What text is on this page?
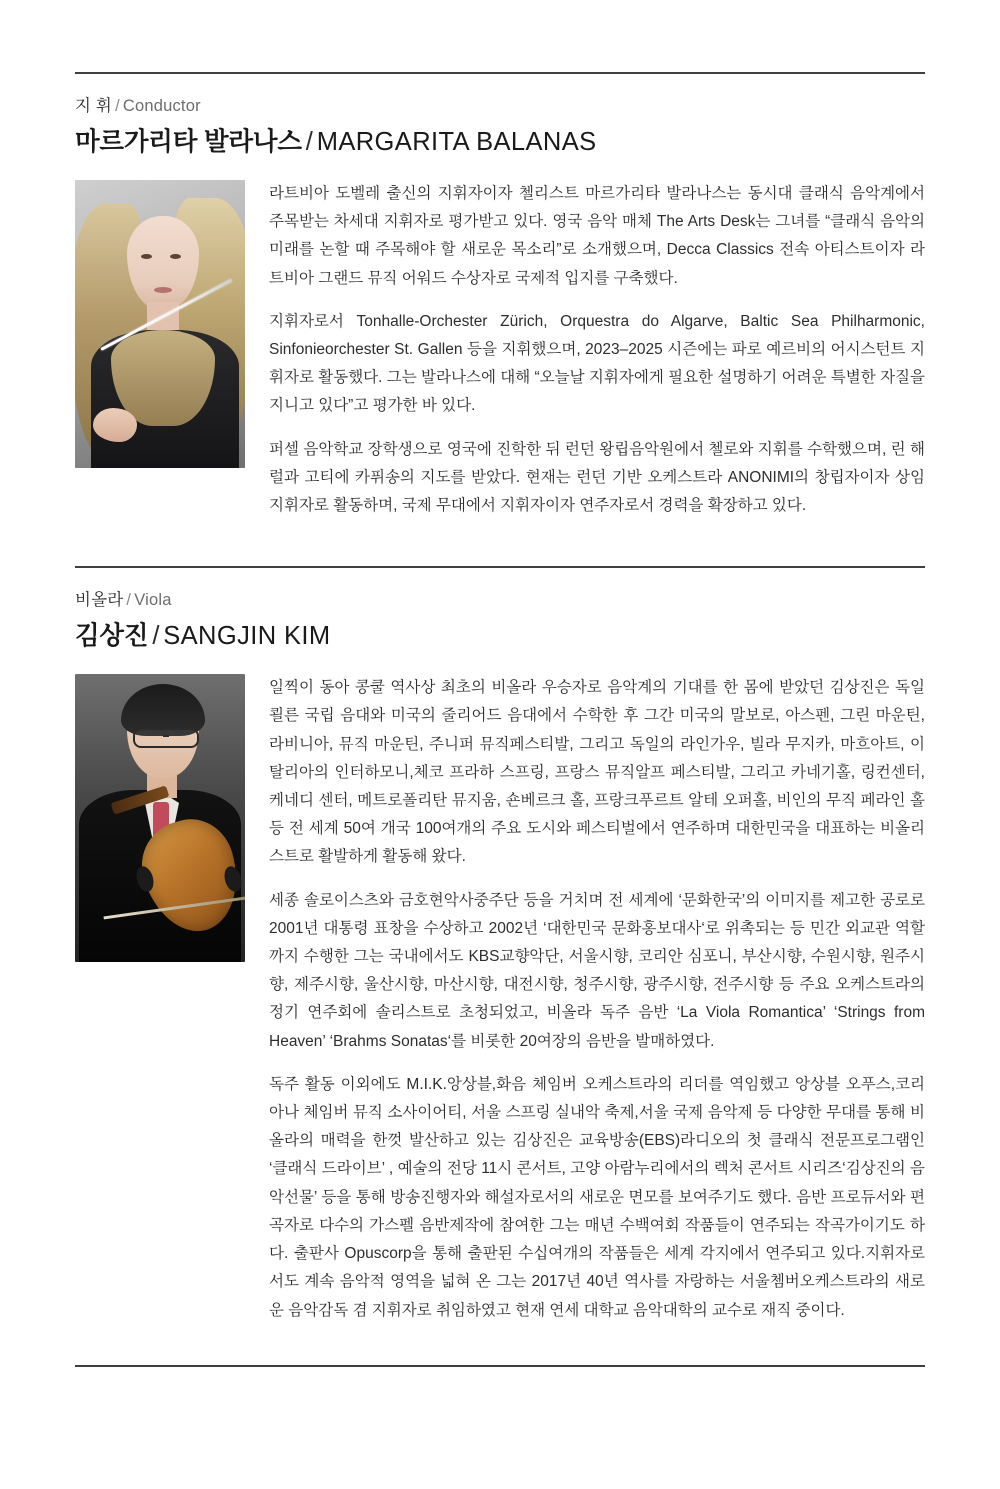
지 휘 / Conductor
마르가리타 발라나스 / MARGARITA BALANAS

라트비아 도벨레 출신의 지휘자이자 첼리스트 마르가리타 발라나스는 동시대 클래식 음악계에서 주목받는 차세대 지휘자로 평가받고 있다. 영국 음악 매체 The Arts Desk는 그녀를 “클래식 음악의 미래를 논할 때 주목해야 할 새로운 목소리”로 소개했으며, Decca Classics 전속 아티스트이자 라트비아 그랜드 뮤직 어워드 수상자로 국제적 입지를 구축했다.

지휘자로서 Tonhalle-Orchester Zürich, Orquestra do Algarve, Baltic Sea Philharmonic, Sinfonieorchester St. Gallen 등을 지휘했으며, 2023–2025 시즌에는 파로 예르비의 어시스턴트 지휘자로 활동했다. 그는 발라나스에 대해 “오늘날 지휘자에게 필요한 설명하기 어려운 특별한 자질을 지니고 있다”고 평가한 바 있다.

퍼셀 음악학교 장학생으로 영국에 진학한 뒤 런던 왕립음악원에서 첼로와 지휘를 수학했으며, 린 해럴과 고티에 카퓌송의 지도를 받았다. 현재는 런던 기반 오케스트라 ANONIMI의 창립자이자 상임지휘자로 활동하며, 국제 무대에서 지휘자이자 연주자로서 경력을 확장하고 있다.

비올라 / Viola
김상진 / SANGJIN KIM

일찍이 동아 콩쿨 역사상 최초의 비올라 우승자로 음악계의 기대를 한 몸에 받았던 김상진은 독일 쾰른 국립 음대와 미국의 줄리어드 음대에서 수학한 후 그간 미국의 말보로, 아스펜, 그린 마운틴, 라비니아, 뮤직 마운틴, 주니퍼 뮤직페스티발, 그리고 독일의 라인가우, 빌라 무지카, 마흐아트, 이탈리아의 인터하모니,체코 프라하 스프링, 프랑스 뮤직알프 페스티발, 그리고 카네기홀, 링컨센터, 케네디 센터, 메트로폴리탄 뮤지움, 숀베르크 홀, 프랑크푸르트 알테 오퍼홀, 비인의 무직 페라인 홀 등 전 세계 50여 개국 100여개의 주요 도시와 페스티벌에서 연주하며 대한민국을 대표하는 비올리스트로 활발하게 활동해 왔다.

세종 솔로이스츠와 금호현악사중주단 등을 거치며 전 세계에 ‘문화한국’의 이미지를 제고한 공로로 2001년 대통령 표창을 수상하고 2002년 ‘대한민국 문화홍보대사‘로 위촉되는 등 민간 외교관 역할까지 수행한 그는 국내에서도 KBS교향악단, 서울시향, 코리안 심포니, 부산시향, 수원시향, 원주시향, 제주시향, 울산시향, 마산시향, 대전시향, 청주시향, 광주시향, 전주시향 등 주요 오케스트라의 정기 연주회에 솔리스트로 초청되었고, 비올라 독주 음반 ‘La Viola Romantica’ ‘Strings from Heaven’ ‘Brahms Sonatas‘를 비롯한 20여장의 음반을 발매하였다.

독주 활동 이외에도 M.I.K.앙상블,화음 체임버 오케스트라의 리더를 역임했고 앙상블 오푸스,코리아나 체임버 뮤직 소사이어티, 서울 스프링 실내악 축제,서울 국제 음악제 등 다양한 무대를 통해 비올라의 매력을 한껏 발산하고 있는 김상진은 교육방송(EBS)라디오의 첫 클래식 전문프로그램인 ‘클래식 드라이브’ , 예술의 전당 11시 콘서트, 고양 아람누리에서의 렉처 콘서트 시리즈‘김상진의 음악선물’ 등을 통해 방송진행자와 해설자로서의 새로운 면모를 보여주기도 했다. 음반 프로듀서와 편곡자로 다수의 가스펠 음반제작에 참여한 그는 매년 수백여회 작품들이 연주되는 작곡가이기도 하다. 출판사 Opuscorp을 통해 출판된 수십여개의 작품들은 세계 각지에서 연주되고 있다.지휘자로서도 계속 음악적 영역을 넓혀 온 그는 2017년 40년 역사를 자랑하는 서울쳄버오케스트라의 새로운 음악감독 겸 지휘자로 취임하였고 현재 연세 대학교 음악대학의 교수로 재직 중이다.
